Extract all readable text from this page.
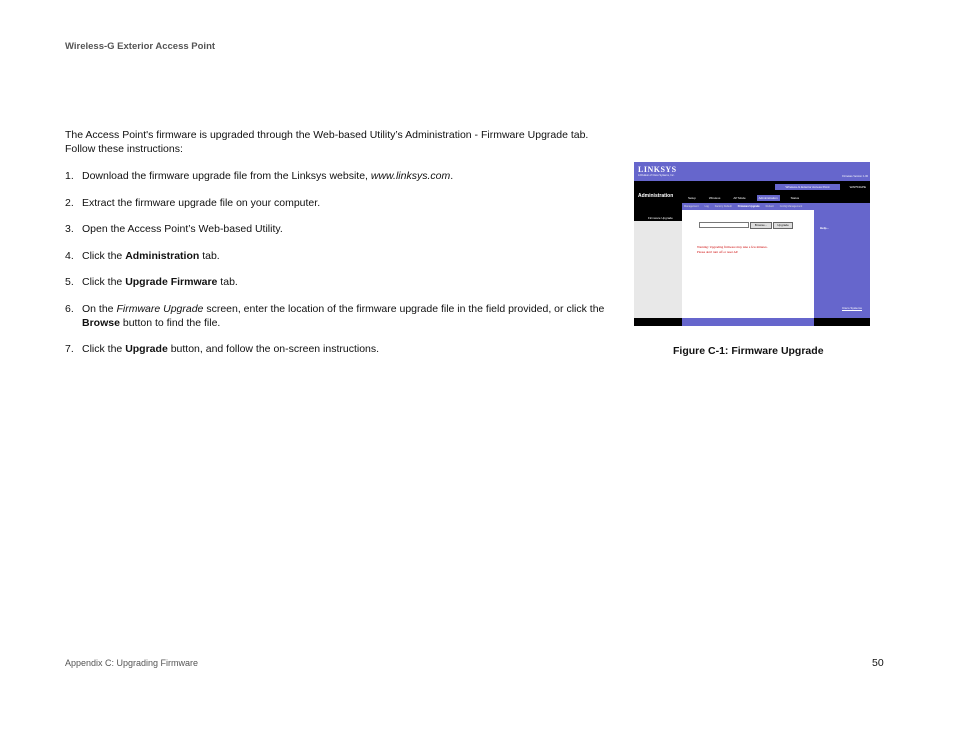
Wireless-G Exterior Access Point
The Access Point's firmware is upgraded through the Web-based Utility’s Administration - Firmware Upgrade tab.
Follow these instructions:
1. Download the firmware upgrade file from the Linksys website, www.linksys.com.
2. Extract the firmware upgrade file on your computer.
3. Open the Access Point’s Web-based Utility.
4. Click the Administration tab.
5. Click the Upgrade Firmware tab.
6. On the Firmware Upgrade screen, enter the location of the firmware upgrade file in the field provided, or click the Browse button to find the file.
7. Click the Upgrade button, and follow the on-screen instructions.
LINKSYS
A Division of Cisco Systems, Inc.	Firmware Version: 1.00
Administration
Wireless-G Exterior Access Point	WAP54GPE
Setup	Wireless	AP Mode	Administration	Status
Management Log Factory Default Firmware Upgrade Reboot Config Management
Firmware Upgrade
Browse...	Upgrade
Warning: Upgrading firmware may take a few minutes.
Please don't turn off or reset AP.
Help...
Cisco Systems
Figure C-1: Firmware Upgrade
Appendix C: Upgrading Firmware	50
